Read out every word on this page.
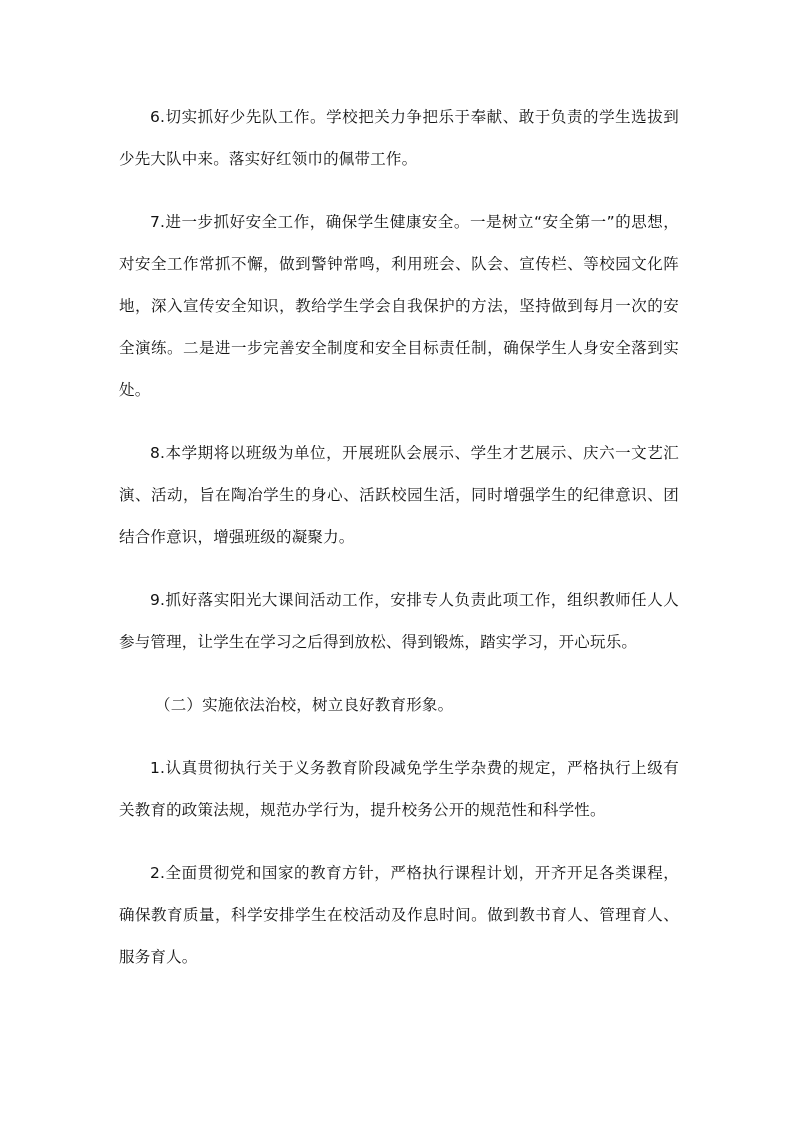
6.切实抓好少先队工作。学校把关力争把乐于奉献、敢于负责的学生选拔到少先大队中来。落实好红领巾的佩带工作。

7.进一步抓好安全工作，确保学生健康安全。一是树立“安全第一”的思想，对安全工作常抓不懈，做到警钟常鸣，利用班会、队会、宣传栏、等校园文化阵地，深入宣传安全知识，教给学生学会自我保护的方法，坚持做到每月一次的安全演练。二是进一步完善安全制度和安全目标责任制，确保学生人身安全落到实处。

8.本学期将以班级为单位，开展班队会展示、学生才艺展示、庆六一文艺汇演、活动，旨在陶冶学生的身心、活跃校园生活，同时增强学生的纪律意识、团结合作意识，增强班级的凝聚力。

9.抓好落实阳光大课间活动工作，安排专人负责此项工作，组织教师任人人参与管理，让学生在学习之后得到放松、得到锻炼，踏实学习，开心玩乐。

（二）实施依法治校，树立良好教育形象。

1.认真贯彻执行关于义务教育阶段减免学生学杂费的规定，严格执行上级有关教育的政策法规，规范办学行为，提升校务公开的规范性和科学性。

2.全面贯彻党和国家的教育方针，严格执行课程计划，开齐开足各类课程，确保教育质量，科学安排学生在校活动及作息时间。做到教书育人、管理育人、服务育人。
